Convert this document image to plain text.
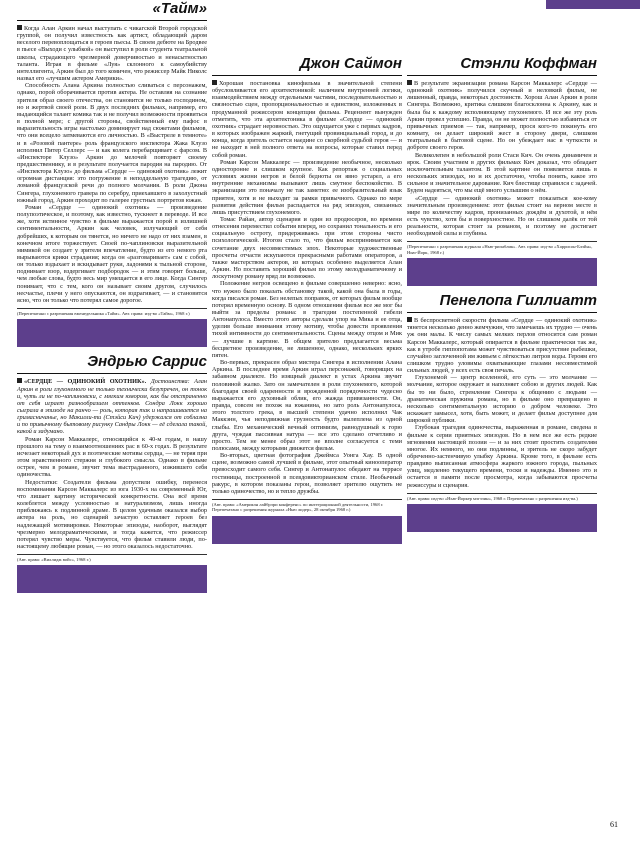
«Тайм»

Когда Алан Аркин начал выступать с чикагской Второй городской группой, он получил известность как артист, обладающий даром веселого перевоплощаться в героев пьесы. В своем дебюте на Бродвее в пьесе «Выходи с улыбкой» он выступил в роли студента театральной школы, страдающего чрезмерной доверчивостью и ненасытностью таланта. Играя в фильме «Луя» склонного к самоубийству интеллигента, Аркин был до того комичен, что режиссер Майк Николс назвал его «лучшим актером Америки».

Способность Алана Аркина полностью сливаться с персонажем, однако, порой оборачивается против актера. Не оставляя на сознание зрителя образ своего отечества, он становится не только господином, но и жертвой своей роли. В двух последних фильмах, например, его выдающийся талант комика так и не получил возможности проявиться в полной мере; с другой стороны, свойственный ему пафос в выразительность игры настолько доминирует над сюжетами фильмов, что они всецело затмеваются его личностью. В «Выстреле в темноте» и в «Розовой пантере» роль французского инспектора Жака Клузо исполнил Питер Селлерс — и как колега перебарщивает с фарсом. В «Инспекторе Клузо» Аркин до мелочей повторяет своему предшественнику, и в результате получается пародия на пародию. От «Инспектора Клузо» до фильма «Сердце — одинокий охотник» лежит огромная дистанция: это погружение в неподдельную трагедию, от ломаной французской речи до полного молчания. В роли Джона Сингера, глухонемого гравера по серебру, приехавшего в захолустный южный город, Аркин проходит по галерее грустных портретов южан.

Роман «Сердце — одинокий охотник» — произведение полупоэтическое, и поэтому, как известно, тускнеет в переводе. И все же, хотя истинное чувство в фильме выражается порой в излишней сентиментальности, Аркин как человек, излучающий от себя добрейших, к которым он тянется, но ничего не надо от них взамен, в конечном итоге торжествует. Своей по-чаплиновски выразительной мимикой он создает у зрителя впечатление, будто из его немого рта вырываются крики страдания; когда он «разговаривает» сам с собой, он только вздыхает и вскидывает руки, ладонями к тыльной стороне, поднимает взор, вздергивает подбородок — и этим говорит больше, чем любые слова, будто весь мир умещается в его лице. Когда Сингер понимает, что с тем, кого он называет своим другом, случилось несчастье, плечи у него опускаются, он вздрагивает, — и становится ясно, что он только что потерял самое дорогое.

(Перепечатано с разрешения еженедельника «Тайм». Авт. права: изд-во «Тайм», 1968 г.)
Эндрью Саррис

«СЕРДЦЕ — ОДИНОКИЙ ОХОТНИК». Достоинства: Алан Аркин в роли глухонемого не только технически безупречен, он тонок и, чуть ли не по-чаплиновски, с мягким юмором, как бы отстраненно от себя играет разнообразием оттенков. Сондра Локк хорошо сыграла в эпизоде на ранчо — роль, которая так и напрашивается на гримасничанье, но Макилли-ти (Стэйси Кич) удержался от соблазна и по привычному бытовому рисунку Сандры Локк — её сделала такой, какой и задумано.

Роман Карсон Маккалерс, относящийся к 40-м годам, в нашу прошлого на тему о взаимоотношениях рас в 60-х годах. В результате исчезает некоторый дух и поэтические мотивы сердца, — не теряя при этом нравственного стержня и глубокого смысла. Однако в фильме острее, чем в романе, звучит тема выстраданного, изжившего себя одиночества.

Недостатки: Создатели фильма допустили ошибку, перенеся воспоминания Карсон Маккалерс из юга 1930-х на современный Юг, что лишает картину исторической конкретности. Она всё время колеблется между условностью и натурализмом, лишь иногда приближаясь к подлинной драме. В целом удачным оказался выбор актера на роль, но сценарий зачастую оставляет героев без надлежащей мотивировки. Некоторые эпизоды, наоборот, выглядят чрезмерно мелодраматическими, и тогда кажется, что режиссер потерял чувство меры. Чувствуется, что фильм ставили люди, по-настоящему любящие роман, — но этого оказалось недостаточно.

(Авт. права: «Виллидж войс», 1968 г.)
Джон Саймон

Хорошая постановка кинофильма в значительной степени обусловливается его архитектоникой: наличием внутренней логики, взаимодействием между отдельными частями, последовательностью и связностью сцен, пропорциональностью и единством, изложенных в продуманной режиссером концепции фильма. Рецензент вынужден отметить, что эта архитектоника в фильме «Сердце — одинокий охотник» страдает неровностью. Это ощущается уже с первых кадров, в которых изображен жаркий, гнетущий провинциальный город, и до конца, когда зритель остается наедине со скорбной судьбой героя — и не находит в ней полного ответа на вопросы, которые ставил перед собой роман.

Роман Карсон Маккалерс — произведение необычное, несколько односторонне и слишком крупное. Как репортаж о социальных условиях жизни негров и белой бедноты он явно устарел, а его внутренние механизмы вызывают лишь смутное беспокойство. В экранизации это поначалу не так заметно: ее изобразительный язык приятен, хотя и не выходит за рамки привычного. Однако по мере развития действия фильм распадается на ряд эпизодов, связанных лишь присутствием глухонемого.

Томас Райан, автор сценария и один из продюсеров, во времени отнесения переместил события вперед, но сохранил тональность и его социальную остроту, придерживаясь при этом стороны чисто психологической. Итогом стало то, что фильм воспринимается как сочетание двух несовместимых эпох. Некоторые художественные просчеты отчасти искупаются прекрасными работами операторов, а также мастерством актеров, из которых особенно выделяется Алан Аркин. Но поставить хороший фильм по этому мелодраматичному и лоскутному роману вряд ли возможно.

Положение негров освещено в фильме совершенно неверно: ясно, что нужно было показать обстановку такой, какой она была в годы, когда писался роман. Без нелепых поправок, от которых фильм вообще потерял временную основу. В одном отношении фильм все же мог бы выйти за пределы романа: в трагедии постепенной гибели Антонапулоса. Вместо этого авторы сделали упор на Мика и ее отца, уделив больше внимания этому мотиву, чтобы довести проявления тихой интимности до сентиментальности. Сцены между отцом и Мик — лучшие в картине. В общем зрителю предлагается весьма бесцветное произведение, не лишенное, однако, нескольких ярких пятен.

Во-первых, прекрасен образ мистера Сингера в исполнении Алана Аркина. В последнее время Аркин играл персонажей, говорящих на забавном диалекте. Но изящный диалект в устах Аркина звучит половиной жалко. Зато он замечателен в роли глухонемого, которой благодаря своей одаренности и врожденной порядочности чудесно выражается его духовный облик, его жажда привязанности. Он, правда, совсем не похож на южанина, но зато роль Антонапулоса, этого толстого грека, в высшей степени удачно исполнил Чак Маккэнн, чья неподвижная грузность будто вылеплена из одной глыбы. Его механический вечный оптимизм, равнодушный к горю друга, чуждая пассивная натура — все это сделано отчетливо и просто. Тем не менее образ этот не вполне согласуется с теми полюсами, между которыми движется фильм.

Во-вторых, цветная фотография Джеймса Уонга Хау. В одной сцене, возможно самой лучшей в фильме, этот опытный кинооператор превосходит самого себя. Сингер и Антонапулос обедают на террасе гостиницы, построенной в псевдовикторианском стиле. Необычный ракурс, в котором показаны герои, позволяет зрителю ощутить не только одиночество, но и тепло дружбы.

(Авт. права: «Америкэн лайбрэри конференс» по интеграционной деятельности, 1968 г. Перепечатано с разрешения журнала «Нью лидер», 28 октября 1968 г.)
Стэнли Коффман

В результате экранизации романа Карсон Маккалерс «Сердце — одинокий охотник» получился скучный и неловкий фильм, не лишенный, правда, некоторых достоинств. Хорош Алан Аркин в роли Сингера. Возможно, критика слишком благосклонна к Аркину, как и была бы к каждому исполняющему глухонемого. И все же эту роль Аркин провел успешно. Правда, он не может полностью избавиться от привычных приемов — так, например, прося кого-то покинуть его комнату, он делает широкий жест в сторону двери, слишком театральный в бытовой сцене. Но он убеждает нас в чуткости и доброте своего героя.

Великолепен в небольшой роли Стаси Кич. Он очень динамичен и ярок. Своим участием в других фильмах Кич доказал, что обладает исключительным талантом. В этой картине он появляется лишь в нескольких эпизодах, но и их достаточно, чтобы понять, какое это сильное и значительное дарование. Кич блестяще справился с задачей. Будем надеяться, что мы ещё много услышим о нём.

«Сердце — одинокий охотник» может показаться кое-кому значительным произведением: этот фильм стоит на верном месте в мире по количеству кадров, пронизанных дождём и духотой, в нём есть чувство, хотя бы и поверхностное. Но он слишком далёк от той реальности, которая стоит за романом, и поэтому не достигает необходимой силы и глубины.

(Перепечатано с разрешения журнала «Нью-рипаблик». Авт. права: изд-во «Харрисон-Блэйн», Нью-Йорк, 1968 г.)
Пенелопа Гиллиатт

В беспросветной скорости фильма «Сердце — одинокий охотник» тянется несколько денно жемчужин, что замечаешь их трудно — очень уж они малы. К числу самых мелких перлов относится сам роман Карсон Маккалерс, который опирается в фильме практически так же, как в утробе гиппопотама может чувствоваться присутствие рыбешки, случайно заглоченной им живьем с лёгкостью литров воды. Героям его слишком трудно уловимы охватывающие глазами несовместимой сильных людей, у всех есть своя печаль.

Глухонемой — центр вселенной, его суть — это молчание — молчание, которое окружает и наполняет собою и других людей. Как бы то ни было, стремление Сингера к общению с людьми — драматическая пружина романа, но в фильме оно превращено в несколько сентиментальную историю о добром человеке. Это искажает замысел, хотя, быть может, и делает фильм доступнее для широкой публики.

Глубокая трагедия одиночества, выраженная в романе, сведена в фильме к серии приятных эпизодов. Но в нем все же есть редкие мгновения настоящей поэзии — и за них стоит простить создателям многое. Их немного, но они подлинны, и зритель не скоро забудет обреченно-застенчивую улыбку Аркина. Кроме того, в фильме есть правдиво выписанная атмосфера жаркого южного города, пыльных улиц, медленно текущего времени, тоски и надежды. Именно это и остается в памяти после просмотра, когда забываются просчеты режиссуры и сценария.

(Авт. права: изд-во «Нью-Йоркер мэгэзин», 1968 г. Перепечатано с разрешения изд-ва.)
61
